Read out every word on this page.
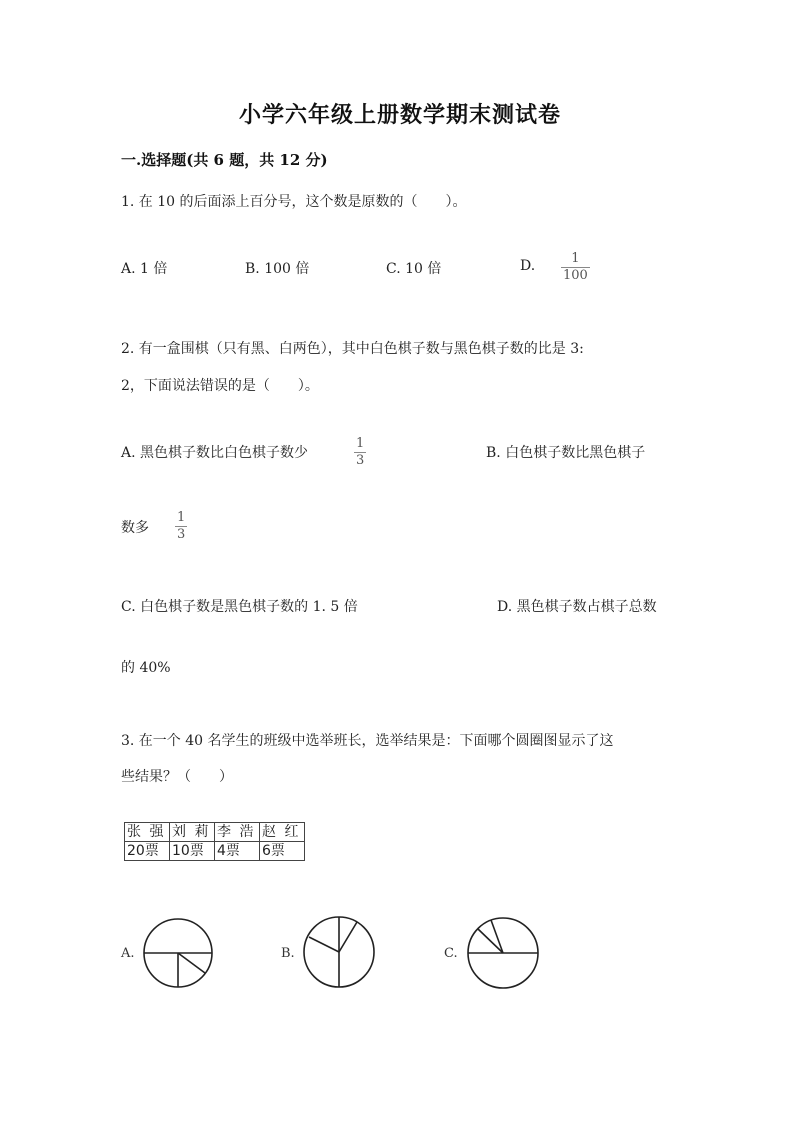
小学六年级上册数学期末测试卷
一.选择题(共 6 题，共 12 分)
1. 在 10 的后面添上百分号，这个数是原数的（　　）。
A. 1 倍	B. 100 倍	C. 10 倍	D.	1
100
2. 有一盒围棋（只有黑、白两色），其中白色棋子数与黑色棋子数的比是 3:
2，下面说法错误的是（　　）。
A. 黑色棋子数比白色棋子数少
1
3	B. 白色棋子数比黑色棋子
数多
1
3
C. 白色棋子数是黑色棋子数的 1. 5 倍	D. 黑色棋子数占棋子总数
的 40%
3. 在一个 40 名学生的班级中选举班长，选举结果是：下面哪个圆圈图显示了这
些结果？（　　）
张 强	刘 莉	李 浩	赵 红
20票	10票	4票	6票
A.	B.	C.
